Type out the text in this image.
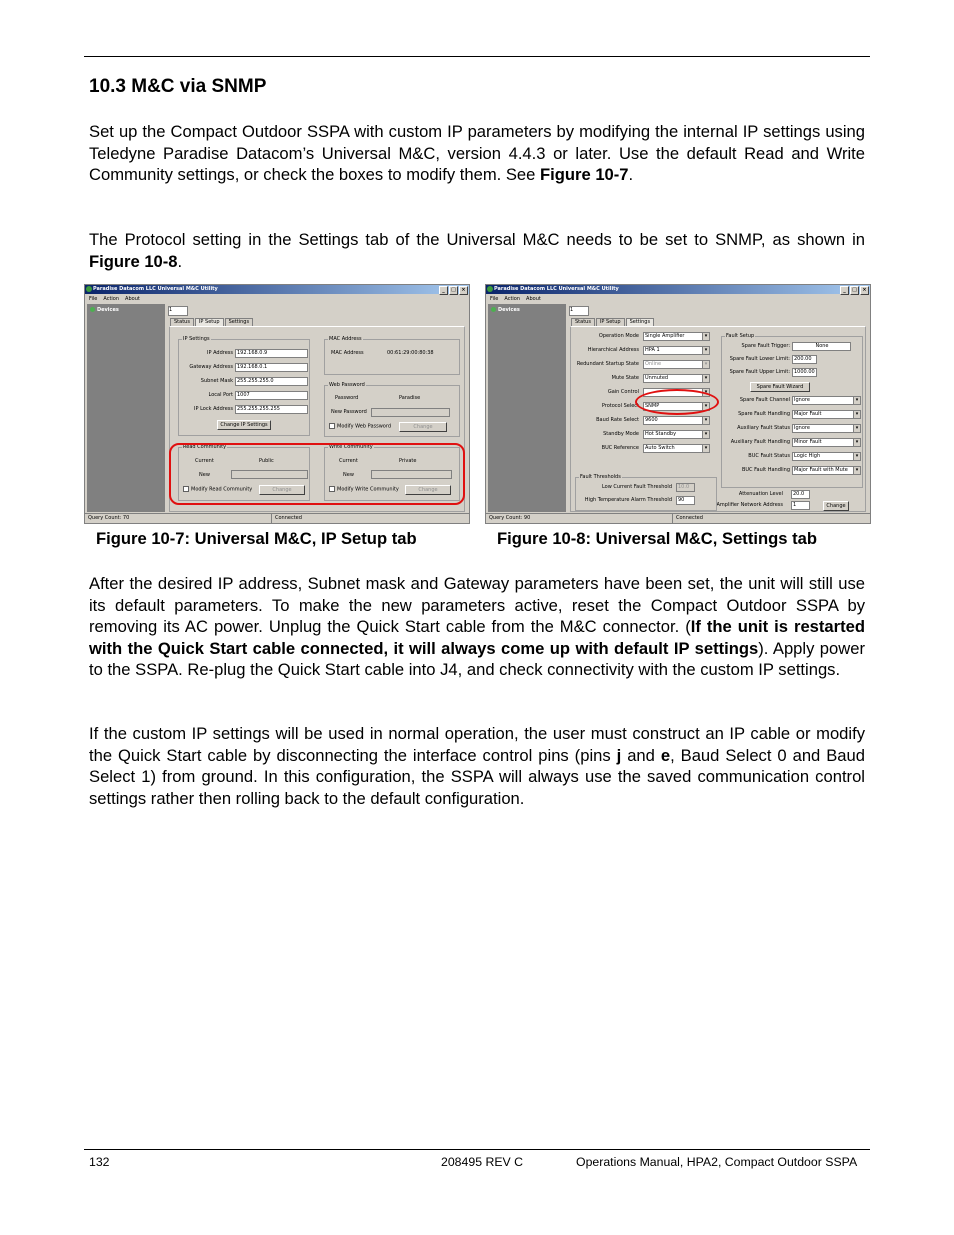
10.3 M&C via SNMP

Set up the Compact Outdoor SSPA with custom IP parameters by modifying the internal IP settings using Teledyne Paradise Datacom’s Universal M&C, version 4.4.3 or later. Use the default Read and Write Community settings, or check the boxes to modify them. See Figure 10-7.

The Protocol setting in the Settings tab of the Universal M&C needs to be set to SNMP, as shown in Figure 10-8.

Paradise Datacom LLC Universal M&C Utility	_	□	×
File Action About
Devices	1
Status	IP Setup	Settings
IP Settings
IP Address 192.168.0.9
Gateway Address 192.168.0.1
Subnet Mask 255.255.255.0
Local Port 1007
IP Lock Address 255.255.255.255
Change IP Settings
MAC Address
MAC Address	00:61:29:00:80:38
Web Password
Password	Paradise
New Password
Modify Web Password	Change
Read Community
Current	Public
New
Modify Read Community	Change
Write Community
Current	Private
New
Modify Write Community	Change
Query Count: 70	Connected
Paradise Datacom LLC Universal M&C Utility	_	□	×
File Action About
Devices	1
Status	IP Setup	Settings
Operation Mode	Single Amplifier ▾
Hierarchical Address	HPA 1 ▾
Redundant Startup State	Online ▾
Mute State	Unmuted ▾
Gain Control
▾
Protocol Select	SNMP ▾
Baud Rate Select	9600 ▾
Standby Mode	Hot Standby ▾
BUC Reference	Auto Switch ▾
Fault Setup
Spare Fault Trigger:	None
Spare Fault Lower Limit: 200.00
Spare Fault Upper Limit: 1000.00
Spare Fault Wizard
Spare Fault Channel Ignore ▾
Spare Fault Handling Major Fault ▾
Auxiliary Fault Status Ignore ▾
Auxiliary Fault Handling Minor Fault ▾
BUC Fault Status Logic High ▾
BUC Fault Handling Major Fault with Mute ▾
Attenuation Level	20.0 ⇕
Amplifier Network Address	1 ⇕	Change
Fault Thresholds
Low Current Fault Threshold	10.0 ⇕
High Temperature Alarm Threshold	90 ⇕
Query Count: 90	Connected

Figure 10-7: Universal M&C, IP Setup tab	Figure 10-8: Universal M&C, Settings tab

After the desired IP address, Subnet mask and Gateway parameters have been set, the unit will still use its default parameters. To make the new parameters active, reset the Compact Outdoor SSPA by removing its AC power. Unplug the Quick Start cable from the M&C connector. (If the unit is restarted with the Quick Start cable connected, it will always come up with default IP settings). Apply power to the SSPA. Re-plug the Quick Start cable into J4, and check connectivity with the custom IP settings.

If the custom IP settings will be used in normal operation, the user must construct an IP cable or modify the Quick Start cable by disconnecting the interface control pins (pins j and e, Baud Select 0 and Baud Select 1) from ground. In this configuration, the SSPA will always use the saved communication control settings rather then rolling back to the default configuration.

132	208495 REV C	Operations Manual, HPA2, Compact Outdoor SSPA
